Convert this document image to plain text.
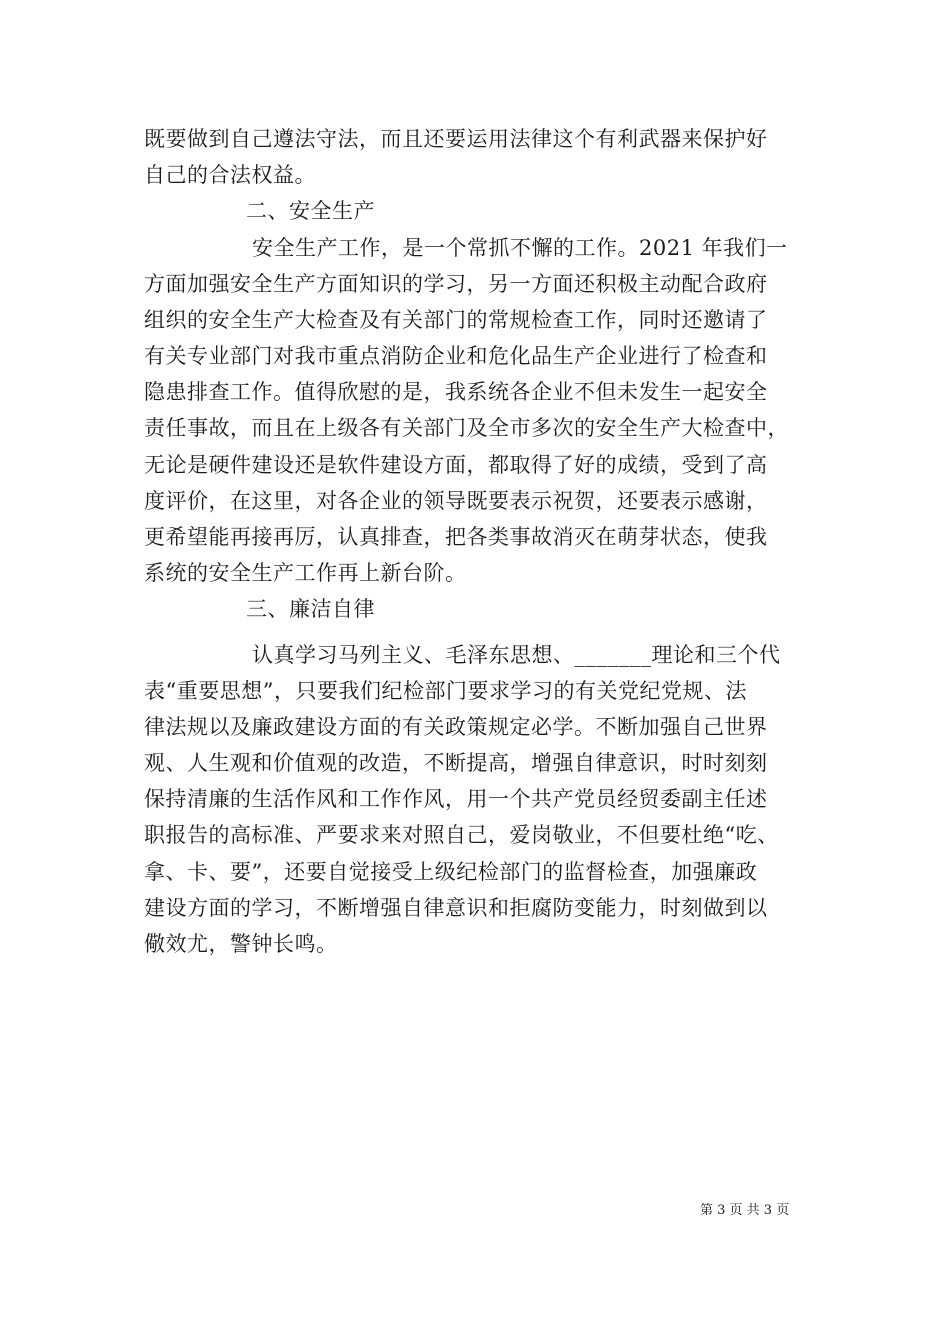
既要做到自己遵法守法，而且还要运用法律这个有利武器来保护好
自己的合法权益。
二、安全生产
安全生产工作，是一个常抓不懈的工作。2021 年我们一
方面加强安全生产方面知识的学习，另一方面还积极主动配合政府
组织的安全生产大检查及有关部门的常规检查工作，同时还邀请了
有关专业部门对我市重点消防企业和危化品生产企业进行了检查和
隐患排查工作。值得欣慰的是，我系统各企业不但未发生一起安全
责任事故，而且在上级各有关部门及全市多次的安全生产大检查中，
无论是硬件建设还是软件建设方面，都取得了好的成绩，受到了高
度评价，在这里，对各企业的领导既要表示祝贺，还要表示感谢，
更希望能再接再厉，认真排查，把各类事故消灭在萌芽状态，使我
系统的安全生产工作再上新台阶。
三、廉洁自律
认真学习马列主义、毛泽东思想、_______理论和三个代
表“重要思想”，只要我们纪检部门要求学习的有关党纪党规、法
律法规以及廉政建设方面的有关政策规定必学。不断加强自己世界
观、人生观和价值观的改造，不断提高，增强自律意识，时时刻刻
保持清廉的生活作风和工作作风，用一个共产党员经贸委副主任述
职报告的高标准、严要求来对照自己，爱岗敬业，不但要杜绝“吃、
拿、卡、要”，还要自觉接受上级纪检部门的监督检查，加强廉政
建设方面的学习，不断增强自律意识和拒腐防变能力，时刻做到以
儆效尤，警钟长鸣。
第 3 页 共 3 页
